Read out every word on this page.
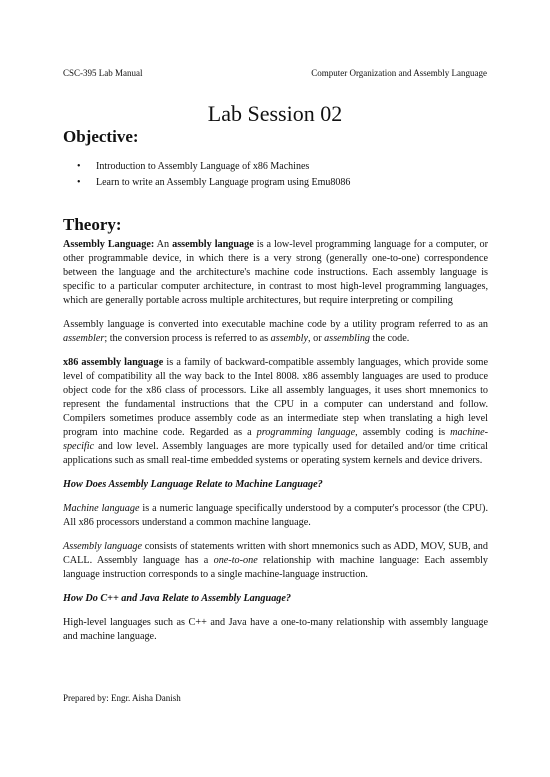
CSC-395 Lab Manual	Computer Organization and Assembly Language
Lab Session 02
Objective:
• Introduction to Assembly Language of x86 Machines
• Learn to write an Assembly Language program using Emu8086
Theory:

Assembly Language: An assembly language is a low-level programming language for a computer, or other programmable device, in which there is a very strong (generally one-to-one) correspondence between the language and the architecture's machine code instructions. Each assembly language is specific to a particular computer architecture, in contrast to most high-level programming languages, which are generally portable across multiple architectures, but require interpreting or compiling

Assembly language is converted into executable machine code by a utility program referred to as an assembler; the conversion process is referred to as assembly, or assembling the code.

x86 assembly language is a family of backward-compatible assembly languages, which provide some level of compatibility all the way back to the Intel 8008. x86 assembly languages are used to produce object code for the x86 class of processors. Like all assembly languages, it uses short mnemonics to represent the fundamental instructions that the CPU in a computer can understand and follow. Compilers sometimes produce assembly code as an intermediate step when translating a high level program into machine code. Regarded as a programming language, assembly coding is machine-specific and low level. Assembly languages are more typically used for detailed and/or time critical applications such as small real-time embedded systems or operating system kernels and device drivers.

How Does Assembly Language Relate to Machine Language?

Machine language is a numeric language specifically understood by a computer's processor (the CPU). All x86 processors understand a common machine language.

Assembly language consists of statements written with short mnemonics such as ADD, MOV, SUB, and CALL. Assembly language has a one-to-one relationship with machine language: Each assembly language instruction corresponds to a single machine-language instruction.

How Do C++ and Java Relate to Assembly Language?

High-level languages such as C++ and Java have a one-to-many relationship with assembly language and machine language.

Prepared by: Engr. Aisha Danish
